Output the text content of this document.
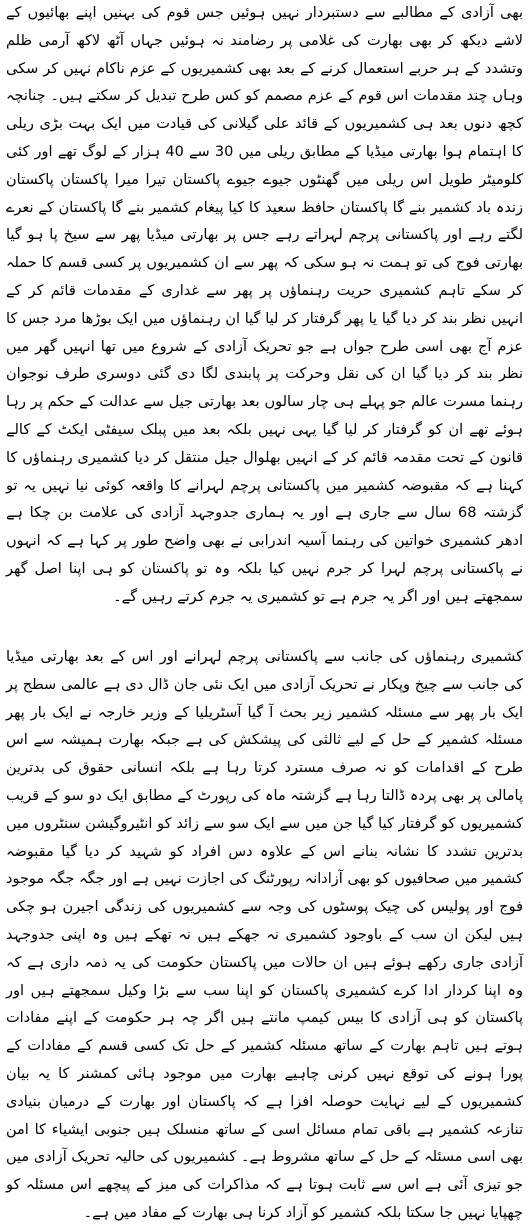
بھی آزادی کے مطالبے سے دستبردار نہیں ہوئیں جس قوم کی بہنیں اپنے بھائیوں کے لاشے دیکھ کر بھی بھارت کی غلامی پر رضامند نہ ہوئیں جہاں آٹھ لاکھ آرمی ظلم وتشدد کے ہر حربے استعمال کرنے کے بعد بھی کشمیریوں کے عزم ناکام نہیں کر سکی وہاں چند مقدمات اس قوم کے عزم مصمم کو کس طرح تبدیل کر سکتے ہیں۔ چنانچہ کچھ دنوں بعد ہی کشمیریوں کے قائد علی گیلانی کی قیادت میں ایک بہت بڑی ریلی کا اہتمام ہوا بھارتی میڈیا کے مطابق ریلی میں 30 سے 40 ہزار کے لوگ تھے اور کئی کلومیٹر طویل اس ریلی میں گھنٹوں جیوے جیوے پاکستان تیرا میرا پاکستان پاکستان زندہ باد کشمیر بنے گا پاکستان حافظ سعید کا کیا پیغام کشمیر بنے گا پاکستان کے نعرے لگتے رہے اور پاکستانی پرچم لہراتے رہے جس پر بھارتی میڈیا پھر سے سیخ پا ہو گیا بھارتی فوج کی تو ہمت نہ ہو سکی کہ پھر سے ان کشمیریوں پر کسی قسم کا حملہ کر سکے تاہم کشمیری حریت رہنماؤں پر پھر سے غداری کے مقدمات قائم کر کے انہیں نظر بند کر دیا گیا یا پھر گرفتار کر لیا گیا ان رہنماؤں میں ایک بوڑھا مرد جس کا عزم آج بھی اسی طرح جواں ہے جو تحریک آزادی کے شروع میں تھا انہیں گھر میں نظر بند کر دیا گیا ان کی نقل وحرکت پر پابندی لگا دی گئی دوسری طرف نوجوان رہنما مسرت عالم جو پہلے ہی چار سالوں بعد بھارتی جیل سے عدالت کے حکم پر رہا ہوئے تھے ان کو گرفتار کر لیا گیا یہی نہیں بلکہ بعد میں پبلک سیفٹی ایکٹ کے کالے قانون کے تحت مقدمہ قائم کر کے انہیں بھلوال جیل منتقل کر دیا کشمیری رہنماؤں کا کہنا ہے کہ مقبوضہ کشمیر میں پاکستانی پرچم لہرانے کا واقعہ کوئی نیا نہیں یہ تو گزشتہ 68 سال سے جاری ہے اور یہ ہماری جدوجہد آزادی کی علامت بن چکا ہے ادھر کشمیری خواتین کی رہنما آسیہ اندرابی نے بھی واضح طور پر کہا ہے کہ انہوں نے پاکستانی پرچم لہرا کر جرم نہیں کیا بلکہ وہ تو پاکستان کو ہی اپنا اصل گھر سمجھتے ہیں اور اگر یہ جرم ہے تو کشمیری یہ جرم کرتے رہیں گے۔

کشمیری رہنماؤں کی جانب سے پاکستانی پرچم لہرانے اور اس کے بعد بھارتی میڈیا کی جانب سے چیخ وپکار نے تحریک آزادی میں ایک نئی جان ڈال دی ہے عالمی سطح پر ایک بار پھر سے مسئلہ کشمیر زیر بحث آ گیا آسٹریلیا کے وزیر خارجہ نے ایک بار پھر مسئلہ کشمیر کے حل کے لیے ثالثی کی پیشکش کی ہے جبکہ بھارت ہمیشہ سے اس طرح کے اقدامات کو نہ صرف مسترد کرتا رہا ہے بلکہ انسانی حقوق کی بدترین پامالی پر بھی پردہ ڈالتا رہا ہے گزشتہ ماہ کی رپورٹ کے مطابق ایک دو سو کے قریب کشمیریوں کو گرفتار کیا گیا جن میں سے ایک سو سے زائد کو انٹیروگیشن سنٹروں میں بدترین تشدد کا نشانہ بنانے اس کے علاوہ دس افراد کو شہید کر دیا گیا مقبوضہ کشمیر میں صحافیوں کو بھی آزادانہ رپورٹنگ کی اجازت نہیں ہے اور جگہ جگہ موجود فوج اور پولیس کی چیک پوسٹوں کی وجہ سے کشمیریوں کی زندگی اجیرن ہو چکی ہیں لیکن ان سب کے باوجود کشمیری نہ جھکے ہیں نہ تھکے ہیں وہ اپنی جدوجہد آزادی جاری رکھے ہوئے ہیں ان حالات میں پاکستان حکومت کی یہ ذمہ داری ہے کہ وہ اپنا کردار ادا کرے کشمیری پاکستان کو اپنا سب سے بڑا وکیل سمجھتے ہیں اور پاکستان کو ہی آزادی کا بیس کیمپ مانتے ہیں اگر چہ ہر حکومت کے اپنے مفادات ہوتے ہیں تاہم بھارت کے ساتھ مسئلہ کشمیر کے حل تک کسی قسم کے مفادات کے پورا ہونے کی توقع نہیں کرنی چاہیے بھارت میں موجود ہائی کمشنر کا یہ بیان کشمیریوں کے لیے نہایت حوصلہ افزا ہے کہ پاکستان اور بھارت کے درمیان بنیادی تنازعہ کشمیر ہے باقی تمام مسائل اسی کے ساتھ منسلک ہیں جنوبی ایشیاء کا امن بھی اسی مسئلہ کے حل کے ساتھ مشروط ہے۔ کشمیریوں کی حالیہ تحریک آزادی میں جو تیزی آئی ہے اس سے ثابت ہوتا ہے کہ مذاکرات کی میز کے پیچھے اس مسئلہ کو چھپایا نہیں جا سکتا بلکہ کشمیر کو آزاد کرنا ہی بھارت کے مفاد میں ہے۔
